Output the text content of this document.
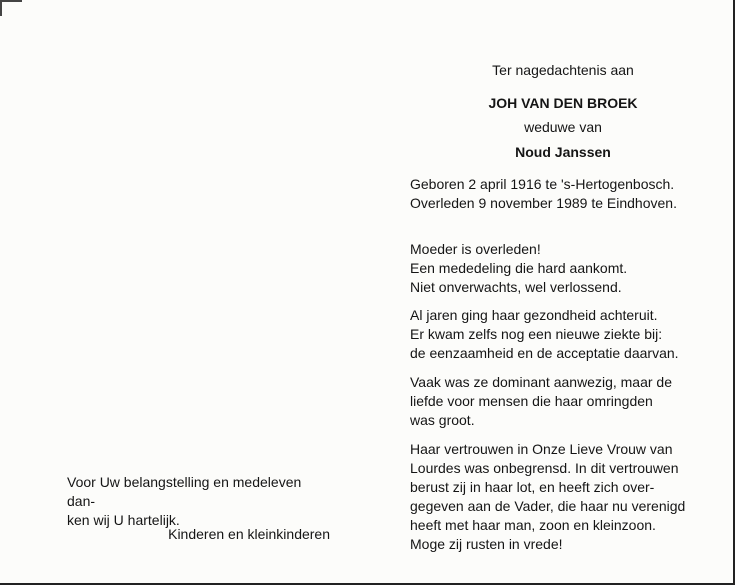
Ter nagedachtenis aan
JOH VAN DEN BROEK
weduwe van
Noud Janssen
Geboren 2 april 1916 te 's-Hertogenbosch.
Overleden 9 november 1989 te Eindhoven.
Moeder is overleden!
Een mededeling die hard aankomt.
Niet onverwachts, wel verlossend.
Al jaren ging haar gezondheid achteruit.
Er kwam zelfs nog een nieuwe ziekte bij:
de eenzaamheid en de acceptatie daarvan.
Vaak was ze dominant aanwezig, maar de
liefde voor mensen die haar omringden
was groot.
Haar vertrouwen in Onze Lieve Vrouw van
Lourdes was onbegrensd. In dit vertrouwen
berust zij in haar lot, en heeft zich over-
gegeven aan de Vader, die haar nu verenigd
heeft met haar man, zoon en kleinzoon.
Moge zij rusten in vrede!
Voor Uw belangstelling en medeleven dan-
ken wij U hartelijk.
Kinderen en kleinkinderen
